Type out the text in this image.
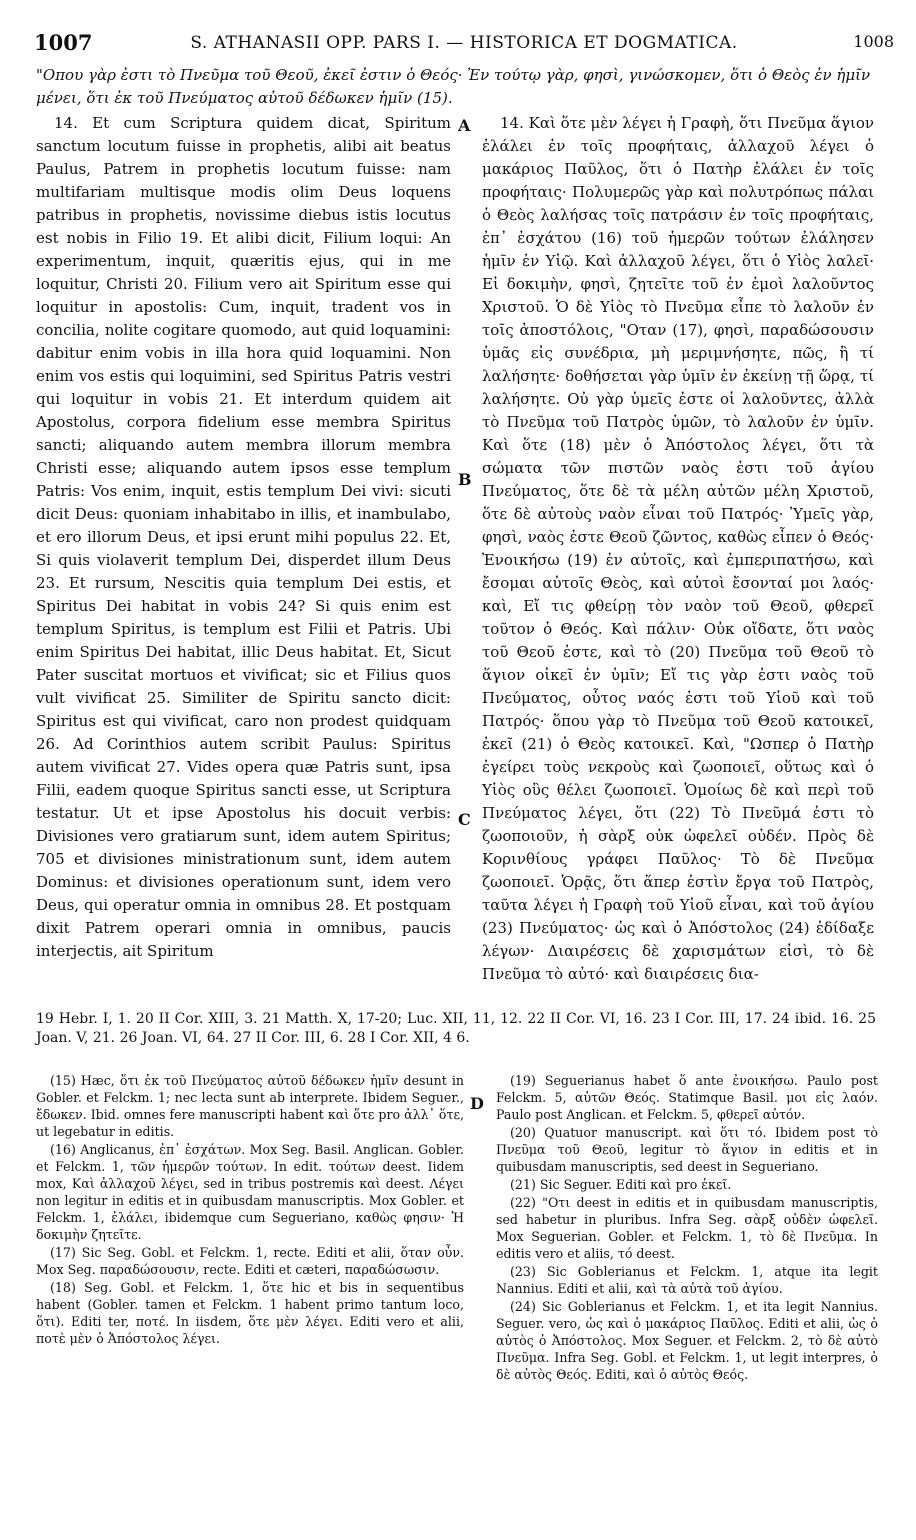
1007	S. ATHANASII OPP. PARS I. — HISTORICA ET DOGMATICA.	1008

"Οπου γὰρ ἐστι τὸ Πνεῦμα τοῦ Θεοῦ, ἐκεῖ ἐστιν ὁ Θεός· Ἐν τούτῳ γὰρ, φησὶ, γινώσκομεν, ὅτι ὁ Θεὸς ἐν ἡμῖν μένει, ὅτι ἐκ τοῦ Πνεύματος αὐτοῦ δέδωκεν ἡμῖν (15).

A
B
C
D

14. Et cum Scriptura quidem dicat, Spiritum sanctum locutum fuisse in prophetis, alibi ait beatus Paulus, Patrem in prophetis locutum fuisse: nam multifariam multisque modis olim Deus loquens patribus in prophetis, novissime diebus istis locutus est nobis in Filio 19. Et alibi dicit, Filium loqui: An experimentum, inquit, quæritis ejus, qui in me loquitur, Christi 20. Filium vero ait Spiritum esse qui loquitur in apostolis: Cum, inquit, tradent vos in concilia, nolite cogitare quomodo, aut quid loquamini: dabitur enim vobis in illa hora quid loquamini. Non enim vos estis qui loquimini, sed Spiritus Patris vestri qui loquitur in vobis 21. Et interdum quidem ait Apostolus, corpora fidelium esse membra Spiritus sancti; aliquando autem membra illorum membra Christi esse; aliquando autem ipsos esse templum Patris: Vos enim, inquit, estis templum Dei vivi: sicuti dicit Deus: quoniam inhabitabo in illis, et inambulabo, et ero illorum Deus, et ipsi erunt mihi populus 22. Et, Si quis violaverit templum Dei, disperdet illum Deus 23. Et rursum, Nescitis quia templum Dei estis, et Spiritus Dei habitat in vobis 24? Si quis enim est templum Spiritus, is templum est Filii et Patris. Ubi enim Spiritus Dei habitat, illic Deus habitat. Et, Sicut Pater suscitat mortuos et vivificat; sic et Filius quos vult vivificat 25. Similiter de Spiritu sancto dicit: Spiritus est qui vivificat, caro non prodest quidquam 26. Ad Corinthios autem scribit Paulus: Spiritus autem vivificat 27. Vides opera quæ Patris sunt, ipsa Filii, eadem quoque Spiritus sancti esse, ut Scriptura testatur. Ut et ipse Apostolus his docuit verbis: Divisiones vero gratiarum sunt, idem autem Spiritus; 705 et divisiones ministrationum sunt, idem autem Dominus: et divisiones operationum sunt, idem vero Deus, qui operatur omnia in omnibus 28. Et postquam dixit Patrem operari omnia in omnibus, paucis interjectis, ait Spiritum

14. Καὶ ὅτε μὲν λέγει ἡ Γραφὴ, ὅτι Πνεῦμα ἅγιον ἐλάλει ἐν τοῖς προφήταις, ἀλλαχοῦ λέγει ὁ μακάριος Παῦλος, ὅτι ὁ Πατὴρ ἐλάλει ἐν τοῖς προφήταις· Πολυμερῶς γὰρ καὶ πολυτρόπως πάλαι ὁ Θεὸς λαλήσας τοῖς πατράσιν ἐν τοῖς προφήταις, ἐπ᾽ ἐσχάτου (16) τοῦ ἡμερῶν τούτων ἐλάλησεν ἡμῖν ἐν Υἱῷ. Καὶ ἀλλαχοῦ λέγει, ὅτι ὁ Υἱὸς λαλεῖ· Εἰ δοκιμὴν, φησὶ, ζητεῖτε τοῦ ἐν ἐμοὶ λαλοῦντος Χριστοῦ. Ὁ δὲ Υἱὸς τὸ Πνεῦμα εἶπε τὸ λαλοῦν ἐν τοῖς ἀποστόλοις, "Οταν (17), φησὶ, παραδώσουσιν ὑμᾶς εἰς συνέδρια, μὴ μεριμνήσητε, πῶς, ἢ τί λαλήσητε· δοθήσεται γὰρ ὑμῖν ἐν ἐκείνῃ τῇ ὥρᾳ, τί λαλήσητε. Οὐ γὰρ ὑμεῖς ἐστε οἱ λαλοῦντες, ἀλλὰ τὸ Πνεῦμα τοῦ Πατρὸς ὑμῶν, τὸ λαλοῦν ἐν ὑμῖν. Καὶ ὅτε (18) μὲν ὁ Ἀπόστολος λέγει, ὅτι τὰ σώματα τῶν πιστῶν ναὸς ἐστι τοῦ ἁγίου Πνεύματος, ὅτε δὲ τὰ μέλη αὐτῶν μέλη Χριστοῦ, ὅτε δὲ αὐτοὺς ναὸν εἶναι τοῦ Πατρός· Ὑμεῖς γὰρ, φησὶ, ναὸς ἐστε Θεοῦ ζῶντος, καθὼς εἶπεν ὁ Θεός· Ἐνοικήσω (19) ἐν αὐτοῖς, καὶ ἐμπεριπατήσω, καὶ ἔσομαι αὐτοῖς Θεὸς, καὶ αὐτοὶ ἔσονταί μοι λαός· καὶ, Εἴ τις φθείρῃ τὸν ναὸν τοῦ Θεοῦ, φθερεῖ τοῦτον ὁ Θεός. Καὶ πάλιν· Οὐκ οἴδατε, ὅτι ναὸς τοῦ Θεοῦ ἐστε, καὶ τὸ (20) Πνεῦμα τοῦ Θεοῦ τὸ ἅγιον οἰκεῖ ἐν ὑμῖν; Εἴ τις γὰρ ἐστι ναὸς τοῦ Πνεύματος, οὗτος ναός ἐστι τοῦ Υἱοῦ καὶ τοῦ Πατρός· ὅπου γὰρ τὸ Πνεῦμα τοῦ Θεοῦ κατοικεῖ, ἐκεῖ (21) ὁ Θεὸς κατοικεῖ. Καὶ, "Ωσπερ ὁ Πατὴρ ἐγείρει τοὺς νεκροὺς καὶ ζωοποιεῖ, οὕτως καὶ ὁ Υἱὸς οὓς θέλει ζωοποιεῖ. Ὁμοίως δὲ καὶ περὶ τοῦ Πνεύματος λέγει, ὅτι (22) Τὸ Πνεῦμά ἐστι τὸ ζωοποιοῦν, ἡ σὰρξ οὐκ ὠφελεῖ οὐδέν. Πρὸς δὲ Κορινθίους γράφει Παῦλος· Τὸ δὲ Πνεῦμα ζωοποιεῖ. Ὁρᾷς, ὅτι ἅπερ ἐστὶν ἔργα τοῦ Πατρὸς, ταῦτα λέγει ἡ Γραφὴ τοῦ Υἱοῦ εἶναι, καὶ τοῦ ἁγίου (23) Πνεύματος· ὡς καὶ ὁ Ἀπόστολος (24) ἐδίδαξε λέγων· Διαιρέσεις δὲ χαρισμάτων εἰσὶ, τὸ δὲ Πνεῦμα τὸ αὐτό· καὶ διαιρέσεις δια-

19 Hebr. I, 1. 20 II Cor. XIII, 3. 21 Matth. X, 17-20; Luc. XII, 11, 12. 22 II Cor. VI, 16. 23 I Cor. III, 17. 24 ibid. 16. 25 Joan. V, 21. 26 Joan. VI, 64. 27 II Cor. III, 6. 28 I Cor. XII, 4 6.

(15) Hæc, ὅτι ἐκ τοῦ Πνεύματος αὐτοῦ δέδωκεν ἡμῖν desunt in Gobler. et Felckm. 1; nec lecta sunt ab interprete. Ibidem Seguer., ἔδωκεν. Ibid. omnes fere manuscripti habent καὶ ὅτε pro ἀλλ᾽ ὅτε, ut legebatur in editis.

(16) Anglicanus, ἐπ᾽ ἐσχάτων. Mox Seg. Basil. Anglican. Gobler. et Felckm. 1, τῶν ἡμερῶν τούτων. In edit. τούτων deest. Iidem mox, Καὶ ἀλλαχοῦ λέγει, sed in tribus postremis καὶ deest. Λέγει non legitur in editis et in quibusdam manuscriptis. Mox Gobler. et Felckm. 1, ἐλάλει, ibidemque cum Segueriano, καθὼς φησιν· Ἡ δοκιμὴν ζητεῖτε.

(17) Sic Seg. Gobl. et Felckm. 1, recte. Editi et alii, ὅταν οὖν. Mox Seg. παραδώσουσιν, recte. Editi et cæteri, παραδώσωσιν.

(18) Seg. Gobl. et Felckm. 1, ὅτε hic et bis in sequentibus habent (Gobler. tamen et Felckm. 1 habent primo tantum loco, ὅτι). Editi ter, ποτέ. In iisdem, ὅτε μὲν λέγει. Editi vero et alii, ποτὲ μὲν ὁ Ἀπόστολος λέγει.

(19) Seguerianus habet ὅ ante ἐνοικήσω. Paulo post Felckm. 5, αὐτῶν Θεός. Statimque Basil. μοι εἰς λαόν. Paulo post Anglican. et Felckm. 5, φθερεῖ αὐτόν.

(20) Quatuor manuscript. καὶ ὅτι τό. Ibidem post τὸ Πνεῦμα τοῦ Θεοῦ, legitur τὸ ἅγιον in editis et in quibusdam manuscriptis, sed deest in Segueriano.

(21) Sic Seguer. Editi καὶ pro ἐκεῖ.

(22) "Οτι deest in editis et in quibusdam manuscriptis, sed habetur in pluribus. Infra Seg. σὰρξ οὐδὲν ὠφελεῖ. Mox Seguerian. Gobler. et Felckm. 1, τὸ δὲ Πνεῦμα. In editis vero et aliis, τό deest.

(23) Sic Goblerianus et Felckm. 1, atque ita legit Nannius. Editi et alii, καὶ τὰ αὐτὰ τοῦ ἁγίου.

(24) Sic Goblerianus et Felckm. 1, et ita legit Nannius. Seguer. vero, ὡς καὶ ὁ μακάριος Παῦλος. Editi et alii, ὡς ὁ αὐτὸς ὁ Ἀπόστολος. Mox Seguer. et Felckm. 2, τὸ δὲ αὐτὸ Πνεῦμα. Infra Seg. Gobl. et Felckm. 1, ut legit interpres, ὁ δὲ αὐτὸς Θεός. Editi, καὶ ὁ αὐτὸς Θεός.
